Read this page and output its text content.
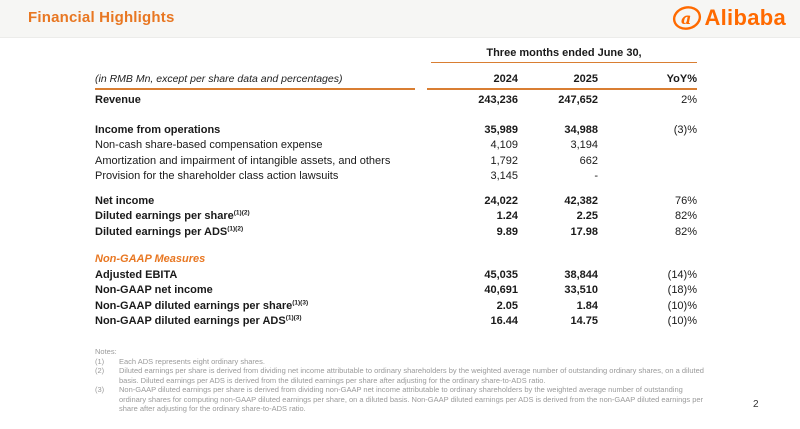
Financial Highlights	a Alibaba
Three months ended June 30,
(in RMB Mn, except per share data and percentages)	2024	2025	YoY%
Revenue	243,236	247,652	2%
Income from operations	35,989	34,988	(3)%
Non-cash share-based compensation expense	4,109	3,194
Amortization and impairment of intangible assets, and others	1,792	662
Provision for the shareholder class action lawsuits	3,145	-
Net income	24,022	42,382	76%
Diluted earnings per share$^{(1)(2)}$	1.24	2.25	82%
Diluted earnings per $ADS^{(1)(2)}$	9.89	17.98	82%
Non-GAAP Measures
Adjusted EBITA	45,035	38,844	(14)%
Non-GAAP net income	40,691	33,510	(18)%
Non-GAAP diluted earnings per share$^{(1)(3)}$	2.05	1.84	(10)%
Non-GAAP diluted earnings per $ADS^{(1)(3)}$	16.44	14.75	(10)%
Notes:
(1)	Each ADS represents eight ordinary shares.
(2)	Diluted earnings per share is derived from dividing net income attributable to ordinary shareholders by the weighted average number of outstanding ordinary shares, on a diluted basis. Diluted earnings per ADS is derived from the diluted earnings per share after adjusting for the ordinary share-to-ADS ratio.
(3)	Non-GAAP diluted earnings per share is derived from dividing non-GAAP net income attributable to ordinary shareholders by the weighted average number of outstanding ordinary shares for computing non-GAAP diluted earnings per share, on a diluted basis. Non-GAAP diluted earnings per ADS is derived from the non-GAAP diluted earnings per share after adjusting for the ordinary share-to-ADS ratio.	2
